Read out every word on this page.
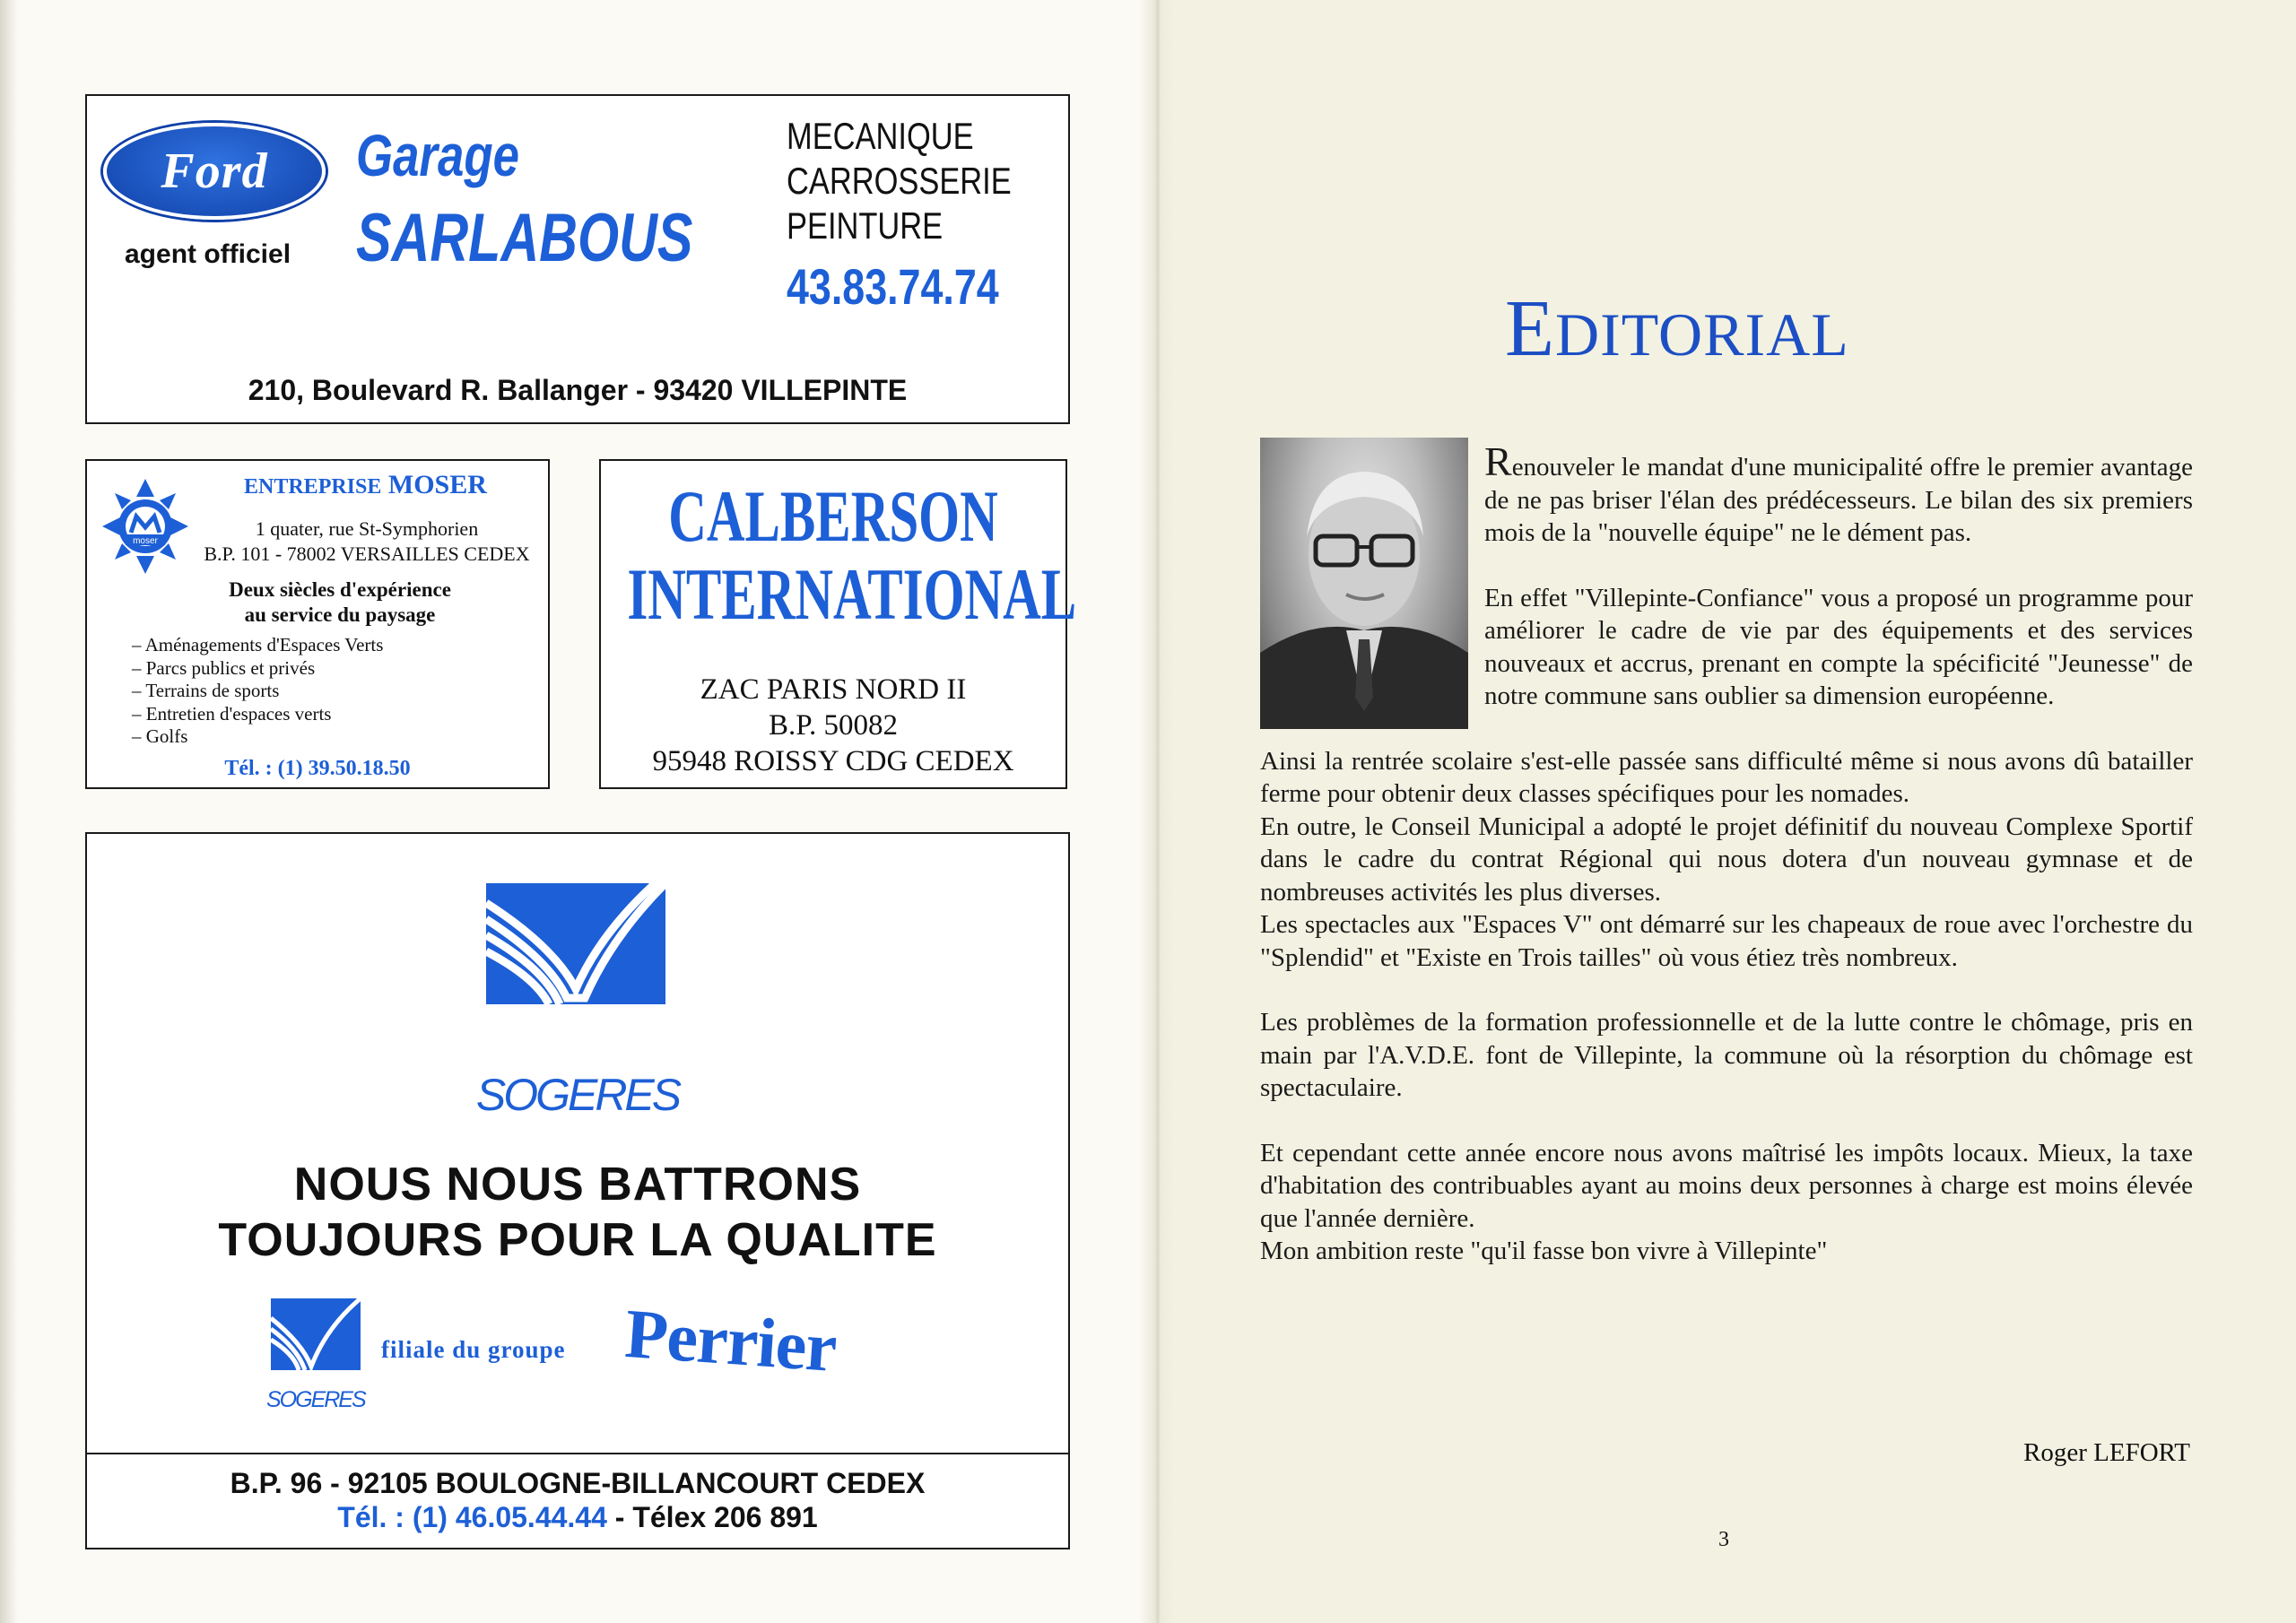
Ford
agent officiel
Garage
SARLABOUS
MECANIQUE
CARROSSERIE
PEINTURE
43.83.74.74
210, Boulevard R. Ballanger - 93420 VILLEPINTE
moser
ENTREPRISE MOSER
1 quater, rue St-Symphorien
B.P. 101 - 78002 VERSAILLES CEDEX
Deux siècles d'expérience
au service du paysage
– Aménagements d'Espaces Verts
– Parcs publics et privés
– Terrains de sports
– Entretien d'espaces verts
– Golfs
Tél. : (1) 39.50.18.50
CALBERSON
INTERNATIONAL
ZAC PARIS NORD II
B.P. 50082
95948 ROISSY CDG CEDEX
SOGERES
NOUS NOUS BATTRONS
TOUJOURS POUR LA QUALITE
SOGERES
filiale du groupe Perrier
B.P. 96 - 92105 BOULOGNE-BILLANCOURT CEDEX
Tél. : (1) 46.05.44.44 - Télex 206 891
EDITORIAL

Renouveler le mandat d'une municipalité offre le premier avantage de ne pas briser l'élan des prédécesseurs. Le bilan des six premiers mois de la "nouvelle équipe" ne le dément pas.

En effet "Villepinte-Confiance" vous a proposé un programme pour améliorer le cadre de vie par des équipements et des services nouveaux et accrus, prenant en compte la spécificité "Jeunesse" de notre commune sans oublier sa dimension européenne.

Ainsi la rentrée scolaire s'est-elle passée sans difficulté même si nous avons dû batailler ferme pour obtenir deux classes spécifiques pour les nomades.

En outre, le Conseil Municipal a adopté le projet définitif du nouveau Complexe Sportif dans le cadre du contrat Régional qui nous dotera d'un nouveau gymnase et de nombreuses activités les plus diverses.

Les spectacles aux "Espaces V" ont démarré sur les chapeaux de roue avec l'orchestre du "Splendid" et "Existe en Trois tailles" où vous étiez très nombreux.

Les problèmes de la formation professionnelle et de la lutte contre le chômage, pris en main par l'A.V.D.E. font de Villepinte, la commune où la résorption du chômage est spectaculaire.

Et cependant cette année encore nous avons maîtrisé les impôts locaux. Mieux, la taxe d'habitation des contribuables ayant au moins deux personnes à charge est moins élevée que l'année dernière.

Mon ambition reste "qu'il fasse bon vivre à Villepinte"

Roger LEFORT
3
